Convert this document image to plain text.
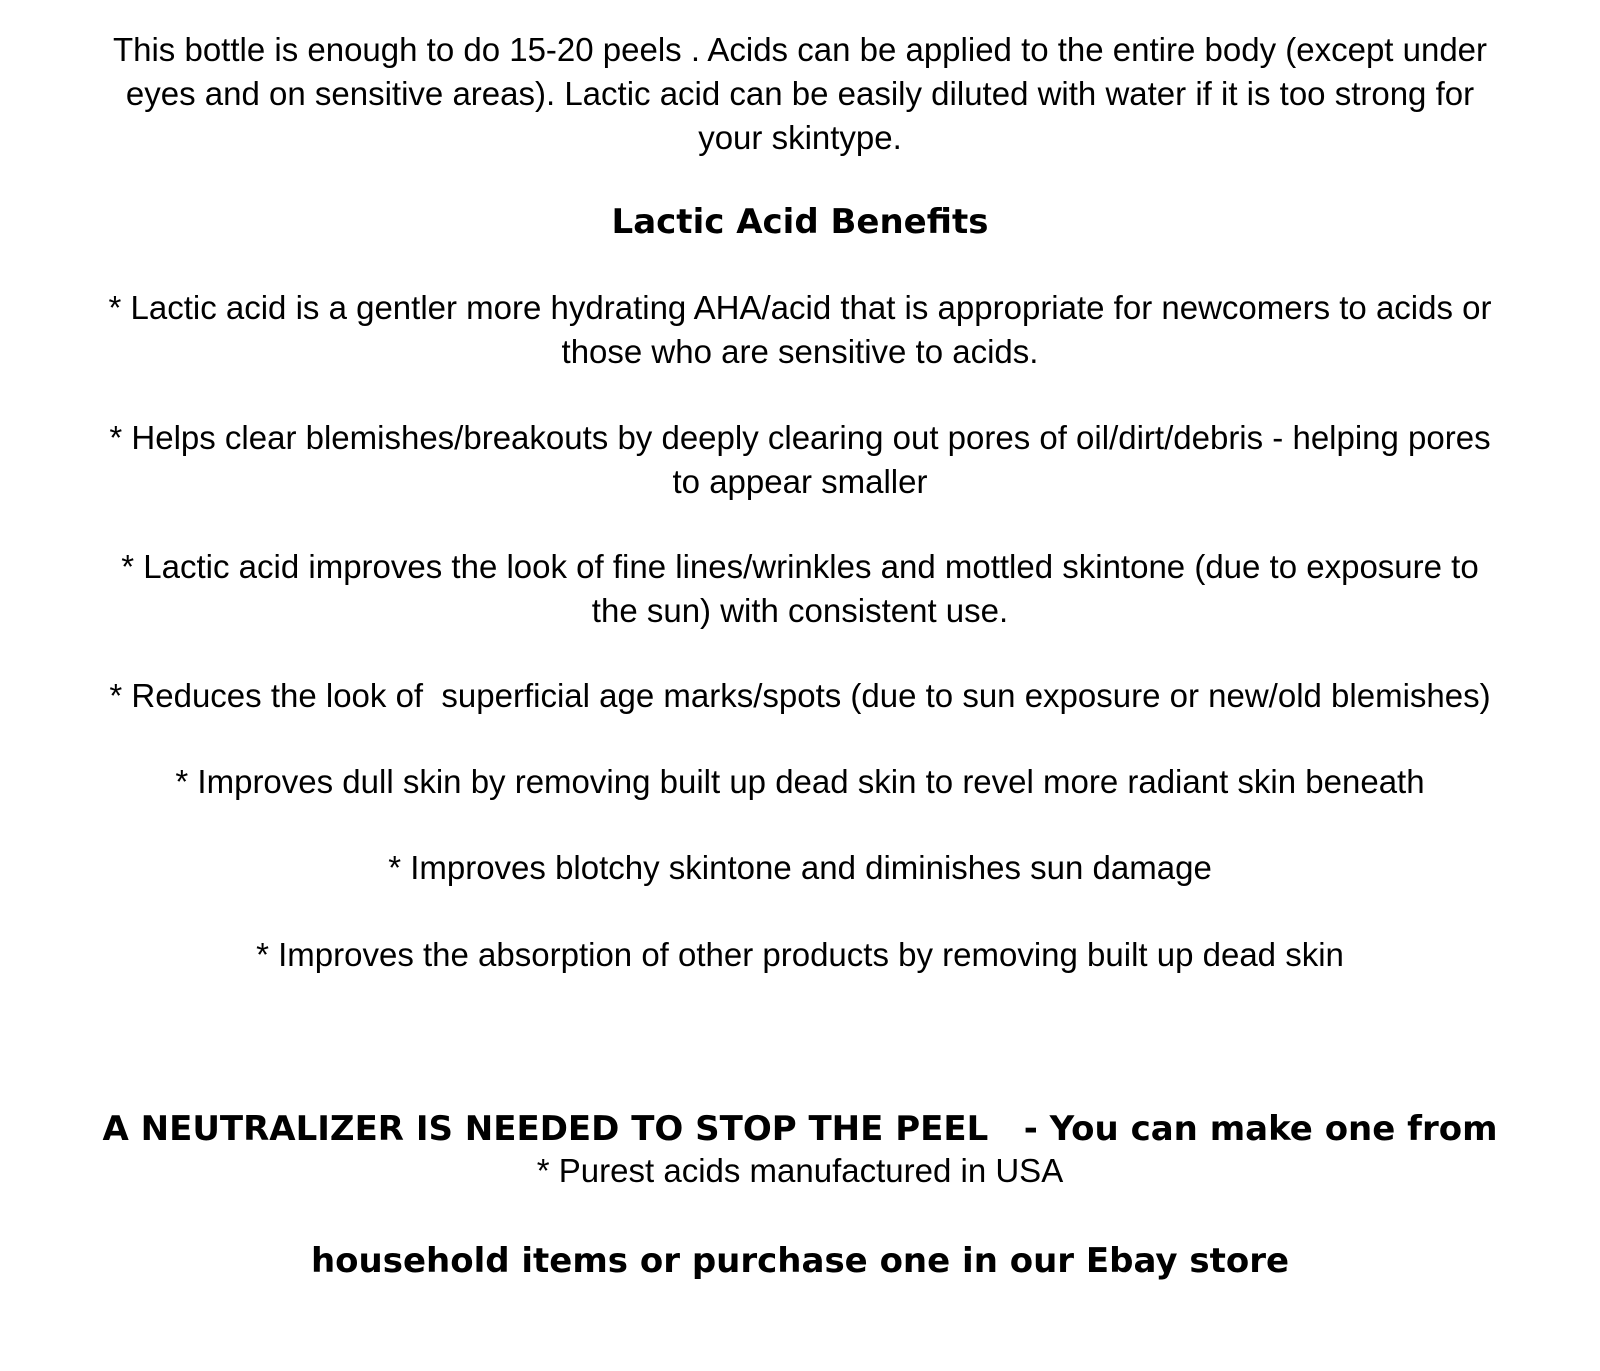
This bottle is enough to do 15-20 peels . Acids can be applied to the entire body (except under
eyes and on sensitive areas). Lactic acid can be easily diluted with water if it is too strong for
your skintype.

Lactic Acid Benefits

* Lactic acid is a gentler more hydrating AHA/acid that is appropriate for newcomers to acids or
those who are sensitive to acids.

* Helps clear blemishes/breakouts by deeply clearing out pores of oil/dirt/debris - helping pores
to appear smaller

* Lactic acid improves the look of fine lines/wrinkles and mottled skintone (due to exposure to
the sun) with consistent use.

* Reduces the look of  superficial age marks/spots (due to sun exposure or new/old blemishes)

* Improves dull skin by removing built up dead skin to revel more radiant skin beneath

* Improves blotchy skintone and diminishes sun damage

* Improves the absorption of other products by removing built up dead skin

A NEUTRALIZER IS NEEDED TO STOP THE PEEL   - You can make one from

household items or purchase one in our Ebay store

* Purest acids manufactured in USA
